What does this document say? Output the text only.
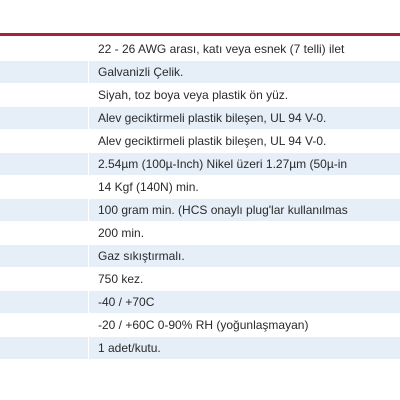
	22 - 26 AWG arası, katı veya esnek (7 telli) ilet
	Galvanizli Çelik.
	Siyah, toz boya veya plastik ön yüz.
	Alev geciktirmeli plastik bileşen, UL 94 V-0.
	Alev geciktirmeli plastik bileşen, UL 94 V-0.
	2.54µm (100µ-Inch) Nikel üzeri 1.27µm (50µ-in
	14 Kgf (140N) min.
	100 gram min. (HCS onaylı plug'lar kullanılmas
	200 min.
	Gaz sıkıştırmalı.
	750 kez.
	-40 / +70C
	-20 / +60C 0-90% RH (yoğunlaşmayan)
	1 adet/kutu.
